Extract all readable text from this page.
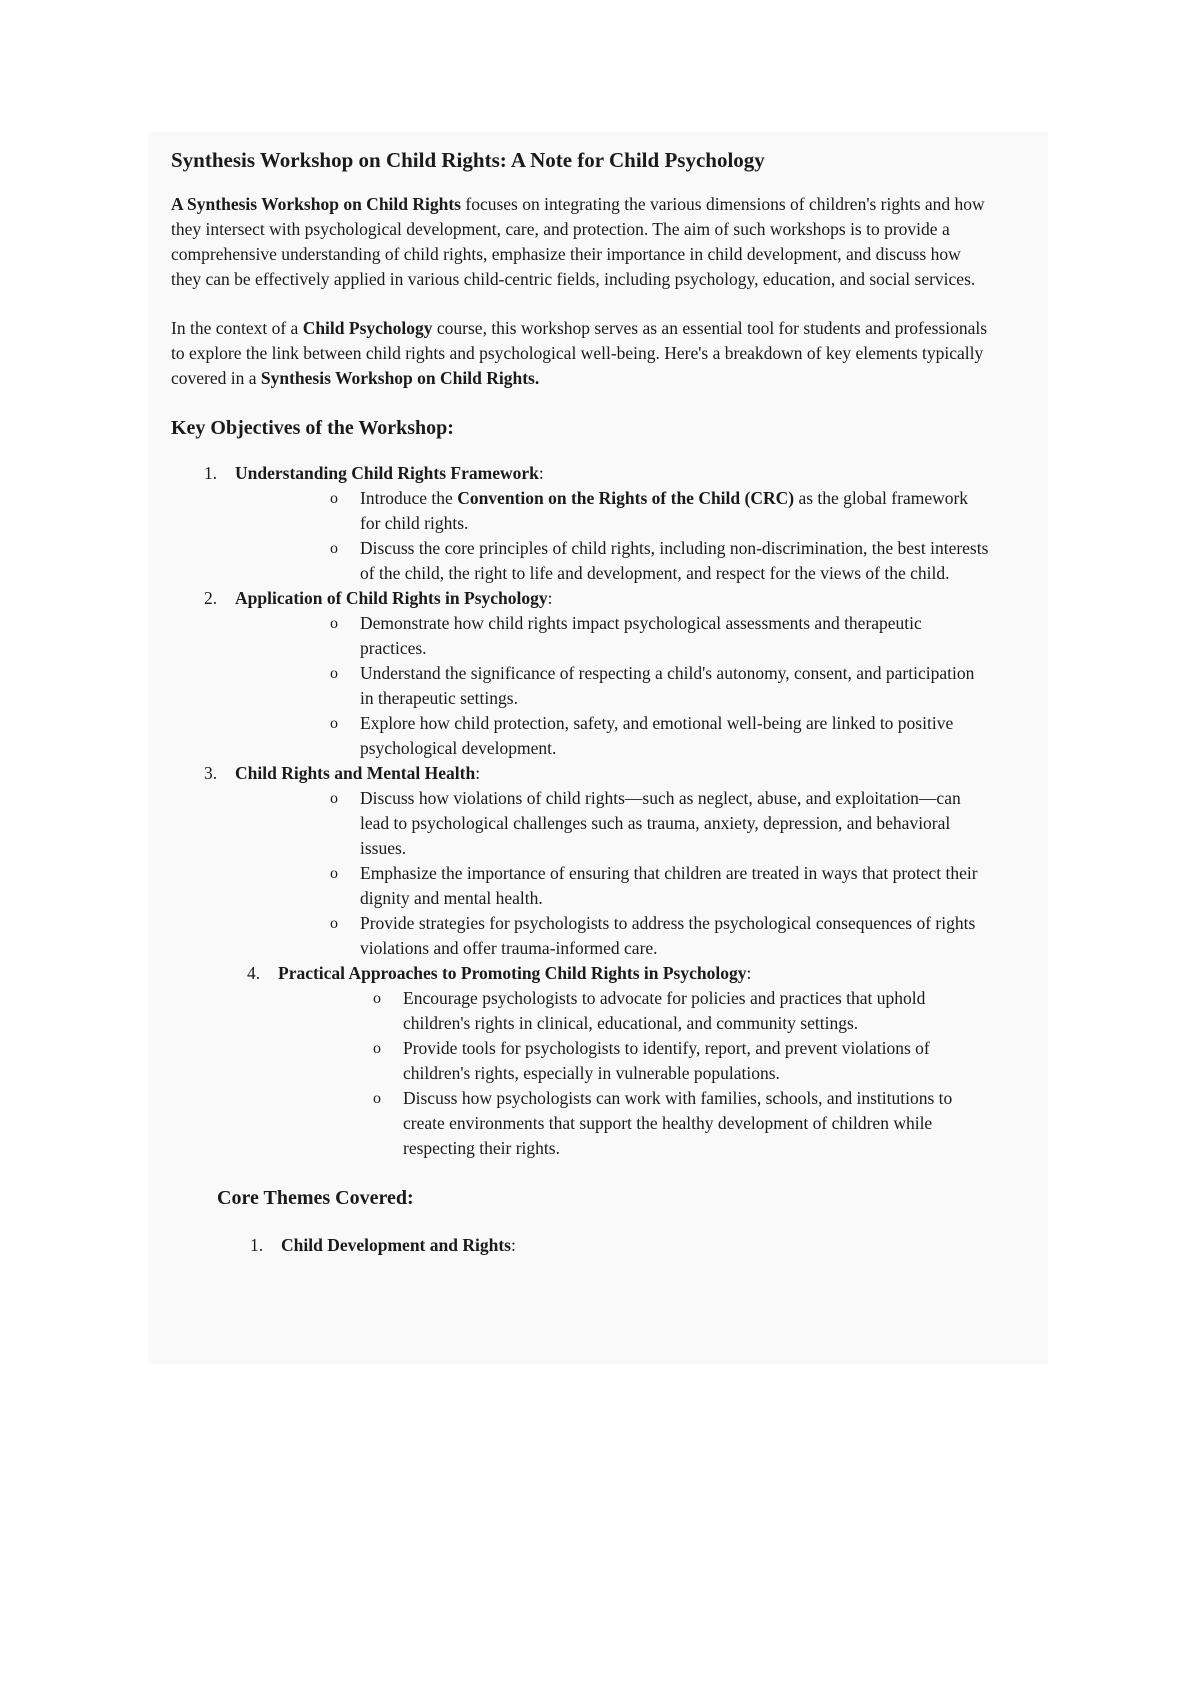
Synthesis Workshop on Child Rights: A Note for Child Psychology

A Synthesis Workshop on Child Rights focuses on integrating the various dimensions of children's rights and how they intersect with psychological development, care, and protection. The aim of such workshops is to provide a comprehensive understanding of child rights, emphasize their importance in child development, and discuss how they can be effectively applied in various child-centric fields, including psychology, education, and social services.

In the context of a Child Psychology course, this workshop serves as an essential tool for students and professionals to explore the link between child rights and psychological well-being. Here's a breakdown of key elements typically covered in a Synthesis Workshop on Child Rights.

Key Objectives of the Workshop:
1. Understanding Child Rights Framework:
o Introduce the Convention on the Rights of the Child (CRC) as the global framework for child rights.
o Discuss the core principles of child rights, including non-discrimination, the best interests of the child, the right to life and development, and respect for the views of the child.
2. Application of Child Rights in Psychology:
o Demonstrate how child rights impact psychological assessments and therapeutic practices.
o Understand the significance of respecting a child's autonomy, consent, and participation in therapeutic settings.
o Explore how child protection, safety, and emotional well-being are linked to positive psychological development.
3. Child Rights and Mental Health:
o Discuss how violations of child rights—such as neglect, abuse, and exploitation—can lead to psychological challenges such as trauma, anxiety, depression, and behavioral issues.
o Emphasize the importance of ensuring that children are treated in ways that protect their dignity and mental health.
o Provide strategies for psychologists to address the psychological consequences of rights violations and offer trauma-informed care.
4. Practical Approaches to Promoting Child Rights in Psychology:
o Encourage psychologists to advocate for policies and practices that uphold children's rights in clinical, educational, and community settings.
o Provide tools for psychologists to identify, report, and prevent violations of children's rights, especially in vulnerable populations.
o Discuss how psychologists can work with families, schools, and institutions to create environments that support the healthy development of children while respecting their rights.
Core Themes Covered:
1. Child Development and Rights:
